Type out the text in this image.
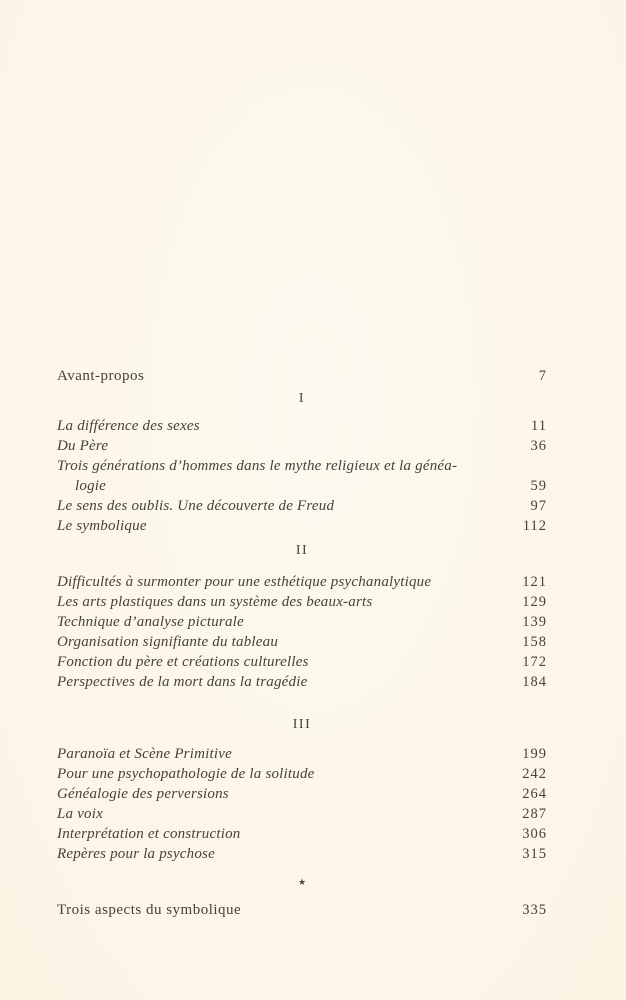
Avant-propos	7
I
La différence des sexes	11
Du Père	36
Trois générations d’hommes dans le mythe religieux et la généa-
logie	59
Le sens des oublis. Une découverte de Freud	97
Le symbolique	112
II
Difficultés à surmonter pour une esthétique psychanalytique	121
Les arts plastiques dans un système des beaux-arts	129
Technique d’analyse picturale	139
Organisation signifiante du tableau	158
Fonction du père et créations culturelles	172
Perspectives de la mort dans la tragédie	184
III
Paranoïa et Scène Primitive	199
Pour une psychopathologie de la solitude	242
Généalogie des perversions	264
La voix	287
Interprétation et construction	306
Repères pour la psychose	315
★
Trois aspects du symbolique	335
